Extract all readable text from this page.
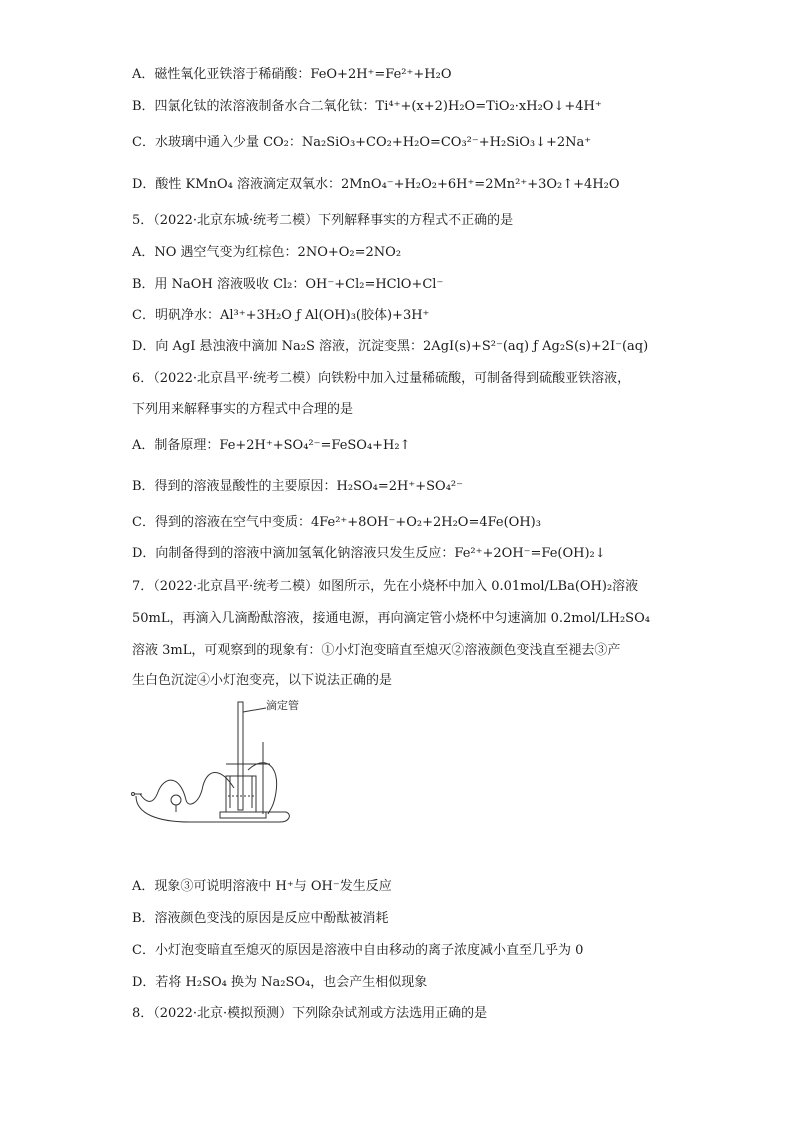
A．磁性氧化亚铁溶于稀硝酸：FeO+2H⁺=Fe²⁺+H₂O
B．四氯化钛的浓溶液制备水合二氧化钛：Ti⁴⁺+(x+2)H₂O=TiO₂·xH₂O↓+4H⁺
C．水玻璃中通入少量 CO₂：Na₂SiO₃+CO₂+H₂O=CO₃²⁻+H₂SiO₃↓+2Na⁺
D．酸性 KMnO₄ 溶液滴定双氧水：2MnO₄⁻+H₂O₂+6H⁺=2Mn²⁺+3O₂↑+4H₂O
5．（2022·北京东城·统考二模）下列解释事实的方程式不正确的是
A．NO 遇空气变为红棕色：2NO+O₂=2NO₂
B．用 NaOH 溶液吸收 Cl₂：OH⁻+Cl₂=HClO+Cl⁻
C．明矾净水：Al³⁺+3H₂O ƒ Al(OH)₃(胶体)+3H⁺
D．向 AgI 悬浊液中滴加 Na₂S 溶液，沉淀变黑：2AgI(s)+S²⁻(aq) ƒ Ag₂S(s)+2I⁻(aq)
6．（2022·北京昌平·统考二模）向铁粉中加入过量稀硫酸，可制备得到硫酸亚铁溶液，
下列用来解释事实的方程式中合理的是
A．制备原理：Fe+2H⁺+SO₄²⁻=FeSO₄+H₂↑
B．得到的溶液显酸性的主要原因：H₂SO₄=2H⁺+SO₄²⁻
C．得到的溶液在空气中变质：4Fe²⁺+8OH⁻+O₂+2H₂O=4Fe(OH)₃
D．向制备得到的溶液中滴加氢氧化钠溶液只发生反应：Fe²⁺+2OH⁻=Fe(OH)₂↓
7．（2022·北京昌平·统考二模）如图所示，先在小烧杯中加入 0.01mol/LBa(OH)₂溶液
50mL，再滴入几滴酚酞溶液，接通电源，再向滴定管小烧杯中匀速滴加 0.2mol/LH₂SO₄
溶液 3mL，可观察到的现象有：①小灯泡变暗直至熄灭②溶液颜色变浅直至褪去③产
生白色沉淀④小灯泡变亮，以下说法正确的是
滴定管
A．现象③可说明溶液中 H⁺与 OH⁻发生反应
B．溶液颜色变浅的原因是反应中酚酞被消耗
C．小灯泡变暗直至熄灭的原因是溶液中自由移动的离子浓度减小直至几乎为 0
D．若将 H₂SO₄ 换为 Na₂SO₄，也会产生相似现象
8．（2022·北京·模拟预测）下列除杂试剂或方法选用正确的是
